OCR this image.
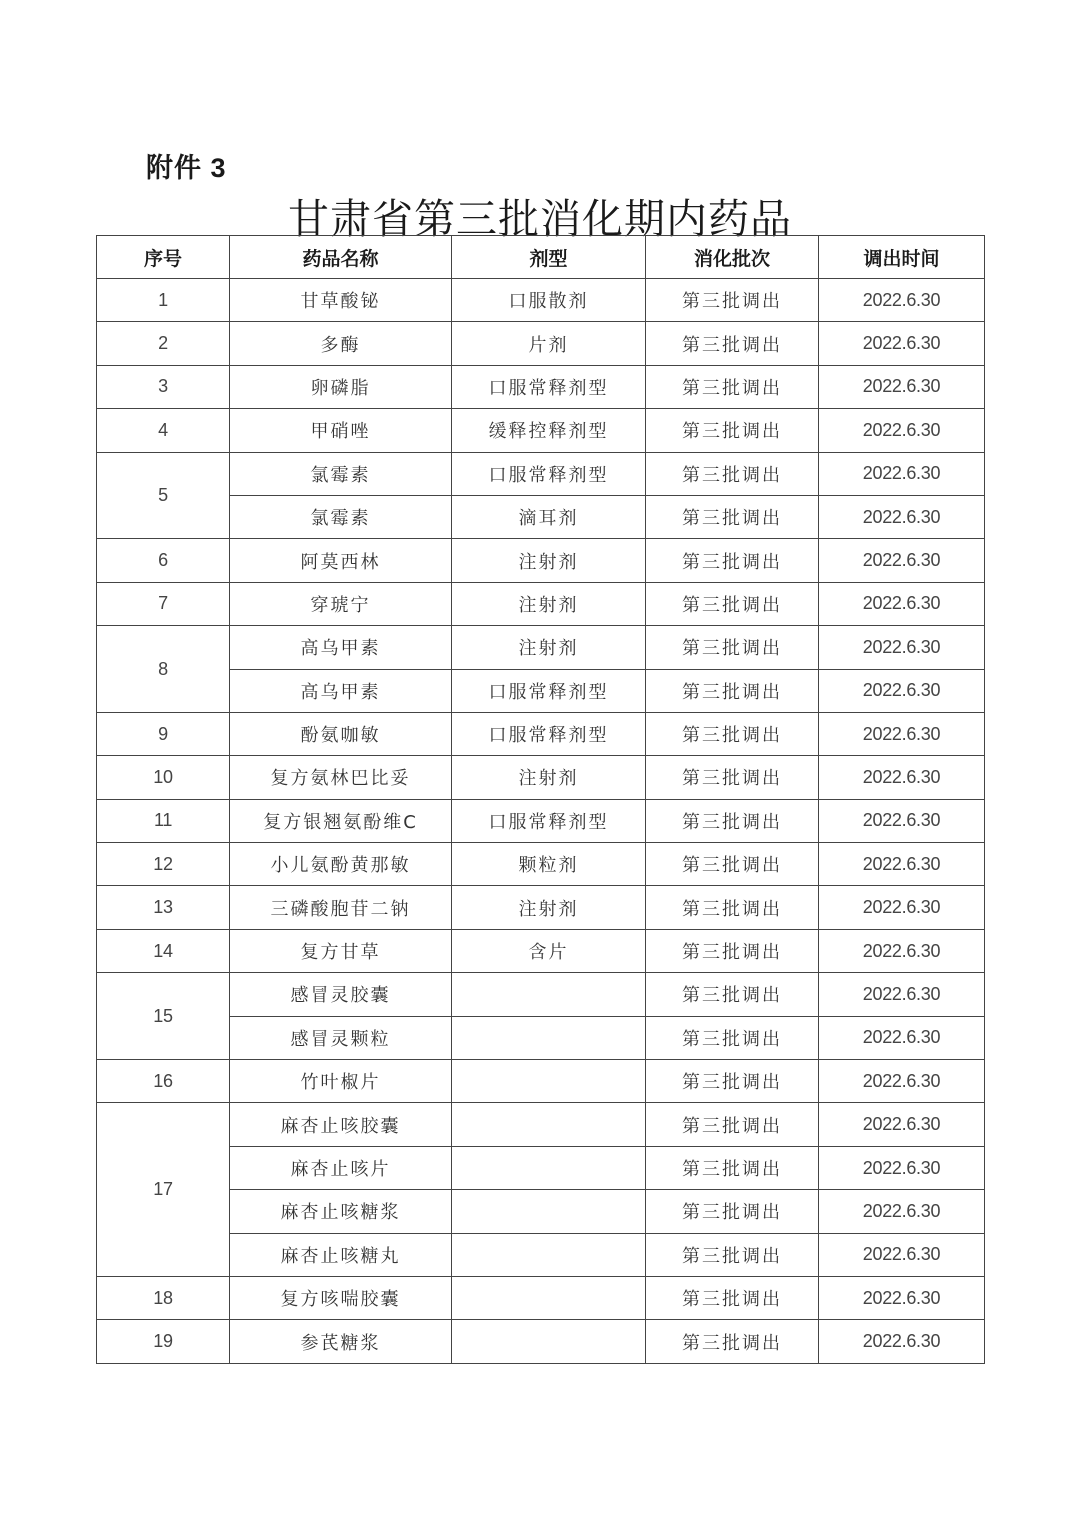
附件 3
甘肃省第三批消化期内药品
序号	药品名称	剂型	消化批次	调出时间
1	甘草酸铋	口服散剂	第三批调出	2022.6.30
2	多酶	片剂	第三批调出	2022.6.30
3	卵磷脂	口服常释剂型	第三批调出	2022.6.30
4	甲硝唑	缓释控释剂型	第三批调出	2022.6.30
5	氯霉素	口服常释剂型	第三批调出	2022.6.30
	氯霉素	滴耳剂	第三批调出	2022.6.30
6	阿莫西林	注射剂	第三批调出	2022.6.30
7	穿琥宁	注射剂	第三批调出	2022.6.30
8	高乌甲素	注射剂	第三批调出	2022.6.30
	高乌甲素	口服常释剂型	第三批调出	2022.6.30
9	酚氨咖敏	口服常释剂型	第三批调出	2022.6.30
10	复方氨林巴比妥	注射剂	第三批调出	2022.6.30
11	复方银翘氨酚维C	口服常释剂型	第三批调出	2022.6.30
12	小儿氨酚黄那敏	颗粒剂	第三批调出	2022.6.30
13	三磷酸胞苷二钠	注射剂	第三批调出	2022.6.30
14	复方甘草	含片	第三批调出	2022.6.30
15	感冒灵胶囊		第三批调出	2022.6.30
	感冒灵颗粒		第三批调出	2022.6.30
16	竹叶椒片		第三批调出	2022.6.30
17	麻杏止咳胶囊		第三批调出	2022.6.30
	麻杏止咳片		第三批调出	2022.6.30
	麻杏止咳糖浆		第三批调出	2022.6.30
	麻杏止咳糖丸		第三批调出	2022.6.30
18	复方咳喘胶囊		第三批调出	2022.6.30
19	参芪糖浆		第三批调出	2022.6.30
